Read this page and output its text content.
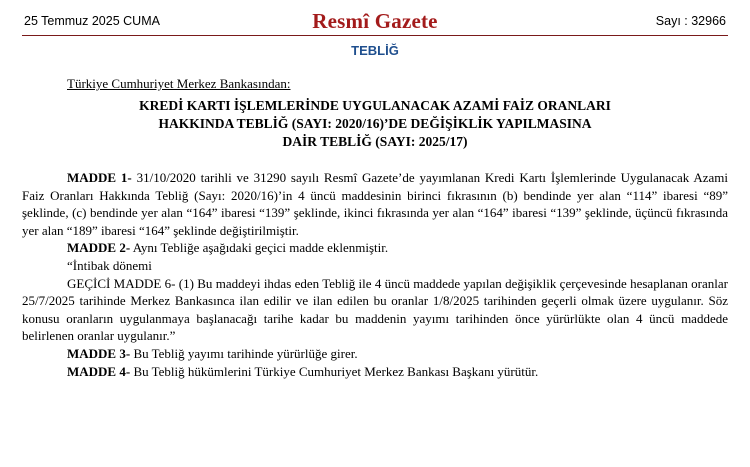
25 Temmuz 2025 CUMA	Resmî Gazete	Sayı : 32966
TEBLİĞ
Türkiye Cumhuriyet Merkez Bankasından:
KREDİ KARTI İŞLEMLERİNDE UYGULANACAK AZAMİ FAİZ ORANLARI
HAKKINDA TEBLİĞ (SAYI: 2020/16)’DE DEĞİŞİKLİK YAPILMASINA
DAİR TEBLİĞ (SAYI: 2025/17)

MADDE 1- 31/10/2020 tarihli ve 31290 sayılı Resmî Gazete’de yayımlanan Kredi Kartı İşlemlerinde Uygulanacak Azami Faiz Oranları Hakkında Tebliğ (Sayı: 2020/16)’in 4 üncü maddesinin birinci fıkrasının (b) bendinde yer alan “114” ibaresi “89” şeklinde, (c) bendinde yer alan “164” ibaresi “139” şeklinde, ikinci fıkrasında yer alan “164” ibaresi “139” şeklinde, üçüncü fıkrasında yer alan “189” ibaresi “164” şeklinde değiştirilmiştir.

MADDE 2- Aynı Tebliğe aşağıdaki geçici madde eklenmiştir.

“İntibak dönemi

GEÇİCİ MADDE 6- (1) Bu maddeyi ihdas eden Tebliğ ile 4 üncü maddede yapılan değişiklik çerçevesinde hesaplanan oranlar 25/7/2025 tarihinde Merkez Bankasınca ilan edilir ve ilan edilen bu oranlar 1/8/2025 tarihinden geçerli olmak üzere uygulanır. Söz konusu oranların uygulanmaya başlanacağı tarihe kadar bu maddenin yayımı tarihinden önce yürürlükte olan 4 üncü maddede belirlenen oranlar uygulanır.”

MADDE 3- Bu Tebliğ yayımı tarihinde yürürlüğe girer.

MADDE 4- Bu Tebliğ hükümlerini Türkiye Cumhuriyet Merkez Bankası Başkanı yürütür.
